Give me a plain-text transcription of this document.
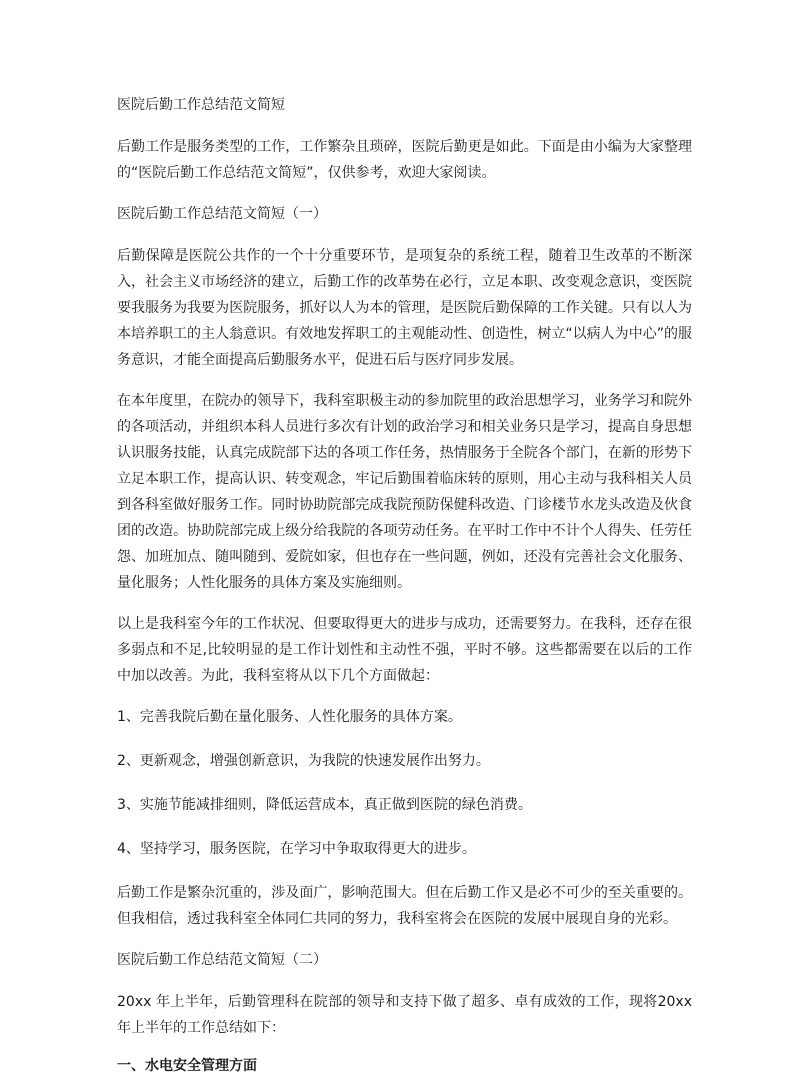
医院后勤工作总结范文简短

后勤工作是服务类型的工作，工作繁杂且琐碎，医院后勤更是如此。下面是由小编为大家整理的“医院后勤工作总结范文简短”，仅供参考，欢迎大家阅读。

医院后勤工作总结范文简短（一）

后勤保障是医院公共作的一个十分重要环节，是项复杂的系统工程，随着卫生改革的不断深入，社会主义市场经济的建立，后勤工作的改革势在必行，立足本职、改变观念意识，变医院要我服务为我要为医院服务，抓好以人为本的管理，是医院后勤保障的工作关键。只有以人为本培养职工的主人翁意识。有效地发挥职工的主观能动性、创造性，树立“以病人为中心”的服务意识，才能全面提高后勤服务水平，促进石后与医疗同步发展。

在本年度里，在院办的领导下，我科室职极主动的参加院里的政治思想学习，业务学习和院外的各项活动，并组织本科人员进行多次有计划的政治学习和相关业务只是学习，提高自身思想认识服务技能，认真完成院部下达的各项工作任务，热情服务于全院各个部门，在新的形势下立足本职工作，提高认识、转变观念，牢记后勤围着临床转的原则，用心主动与我科相关人员到各科室做好服务工作。同时协助院部完成我院预防保健科改造、门诊楼节水龙头改造及伙食团的改造。协助院部完成上级分给我院的各项劳动任务。在平时工作中不计个人得失、任劳任怨、加班加点、随叫随到、爱院如家，但也存在一些问题，例如，还没有完善社会文化服务、量化服务；人性化服务的具体方案及实施细则。

以上是我科室今年的工作状况、但要取得更大的进步与成功，还需要努力。在我科，还存在很多弱点和不足,比较明显的是工作计划性和主动性不强，平时不够。这些都需要在以后的工作中加以改善。为此，我科室将从以下几个方面做起：

1、完善我院后勤在量化服务、人性化服务的具体方案。

2、更新观念，增强创新意识，为我院的快速发展作出努力。

3、实施节能减排细则，降低运营成本，真正做到医院的绿色消费。

4、坚持学习，服务医院，在学习中争取取得更大的进步。

后勤工作是繁杂沉重的，涉及面广，影响范围大。但在后勤工作又是必不可少的至关重要的。但我相信，透过我科室全体同仁共同的努力，我科室将会在医院的发展中展现自身的光彩。

医院后勤工作总结范文简短（二）

20xx 年上半年，后勤管理科在院部的领导和支持下做了超多、卓有成效的工作，现将20xx 年上半年的工作总结如下：

一、水电安全管理方面
